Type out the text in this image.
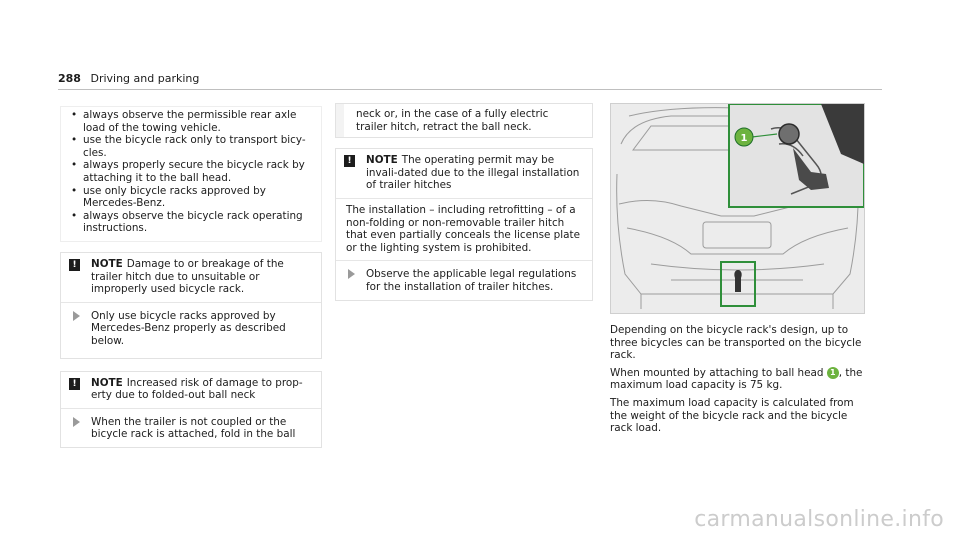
288 Driving and parking
• always observe the permissible rear axle load of the towing vehicle.
• use the bicycle rack only to transport bicy-cles.
• always properly secure the bicycle rack by attaching it to the ball head.
• use only bicycle racks approved by Mercedes-Benz.
• always observe the bicycle rack operating instructions.
!	NOTE Damage to or breakage of the trailer hitch due to unsuitable or improperly used bicycle rack.
Only use bicycle racks approved by Mercedes-Benz properly as described below.
!	NOTE Increased risk of damage to prop-erty due to folded-out ball neck
When the trailer is not coupled or the bicycle rack is attached, fold in the ball
neck or, in the case of a fully electric trailer hitch, retract the ball neck.
!	NOTE The operating permit may be invali-dated due to the illegal installation of trailer hitches
The installation – including retrofitting – of a non-folding or non-removable trailer hitch that even partially conceals the license plate or the lighting system is prohibited.
Observe the applicable legal regulations for the installation of trailer hitches.
1

Depending on the bicycle rack's design, up to three bicycles can be transported on the bicycle rack.

When mounted by attaching to ball head 1 , the maximum load capacity is 75 kg.

The maximum load capacity is calculated from the weight of the bicycle rack and the bicycle rack load.

carmanualsonline.info
